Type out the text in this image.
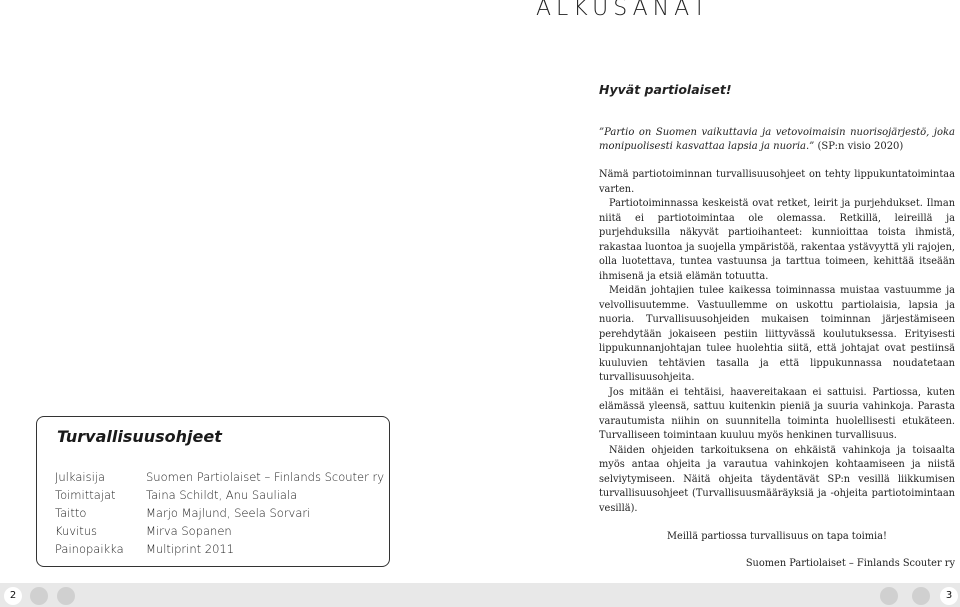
ALKUSANAT
Hyvät partiolaiset!
”Partio on Suomen vaikuttavia ja vetovoimaisin nuorisojärjestö, joka monipuolisesti kasvattaa lapsia ja nuoria.” (SP:n visio 2020)

Nämä partiotoiminnan turvallisuusohjeet on tehty lippukuntatoimintaa varten.

Partiotoiminnassa keskeistä ovat retket, leirit ja purjehdukset. Ilman niitä ei partiotoimintaa ole olemassa. Retkillä, leireillä ja purjehduksilla näkyvät partioihanteet: kunnioittaa toista ihmistä, rakastaa luontoa ja suojella ympäristöä, rakentaa ystävyyttä yli rajojen, olla luotettava, tuntea vastuunsa ja tarttua toimeen, kehittää itseään ihmisenä ja etsiä elämän totuutta.

Meidän johtajien tulee kaikessa toiminnassa muistaa vastuumme ja velvollisuutemme. Vastuullemme on uskottu partiolaisia, lapsia ja nuoria. Turvallisuusohjeiden mukaisen toiminnan järjestämiseen perehdytään jokaiseen pestiin liittyvässä koulutuksessa. Erityisesti lippukunnanjohtajan tulee huolehtia siitä, että johtajat ovat pestiinsä kuuluvien tehtävien tasalla ja että lippukunnassa noudatetaan turvallisuusohjeita.

Jos mitään ei tehtäisi, haavereitakaan ei sattuisi. Partiossa, kuten elämässä yleensä, sattuu kuitenkin pieniä ja suuria vahinkoja. Parasta varautumista niihin on suunnitella toiminta huolellisesti etukäteen. Turvalliseen toimintaan kuuluu myös henkinen turvallisuus.

Näiden ohjeiden tarkoituksena on ehkäistä vahinkoja ja toisaalta myös antaa ohjeita ja varautua vahinkojen kohtaamiseen ja niistä selviytymiseen. Näitä ohjeita täydentävät SP:n vesillä liikkumisen turvallisuusohjeet (Turvallisuusmääräyksiä ja -ohjeita partiotoimintaan vesillä).

Meillä partiossa turvallisuus on tapa toimia!

Suomen Partiolaiset – Finlands Scouter ry

Turvallisuusohjeet
Julkaisija	Suomen Partiolaiset – Finlands Scouter ry
Toimittajat	Taina Schildt, Anu Sauliala
Taitto	Marjo Majlund, Seela Sorvari
Kuvitus	Mirva Sopanen
Painopaikka	Multiprint 2011
2	3
